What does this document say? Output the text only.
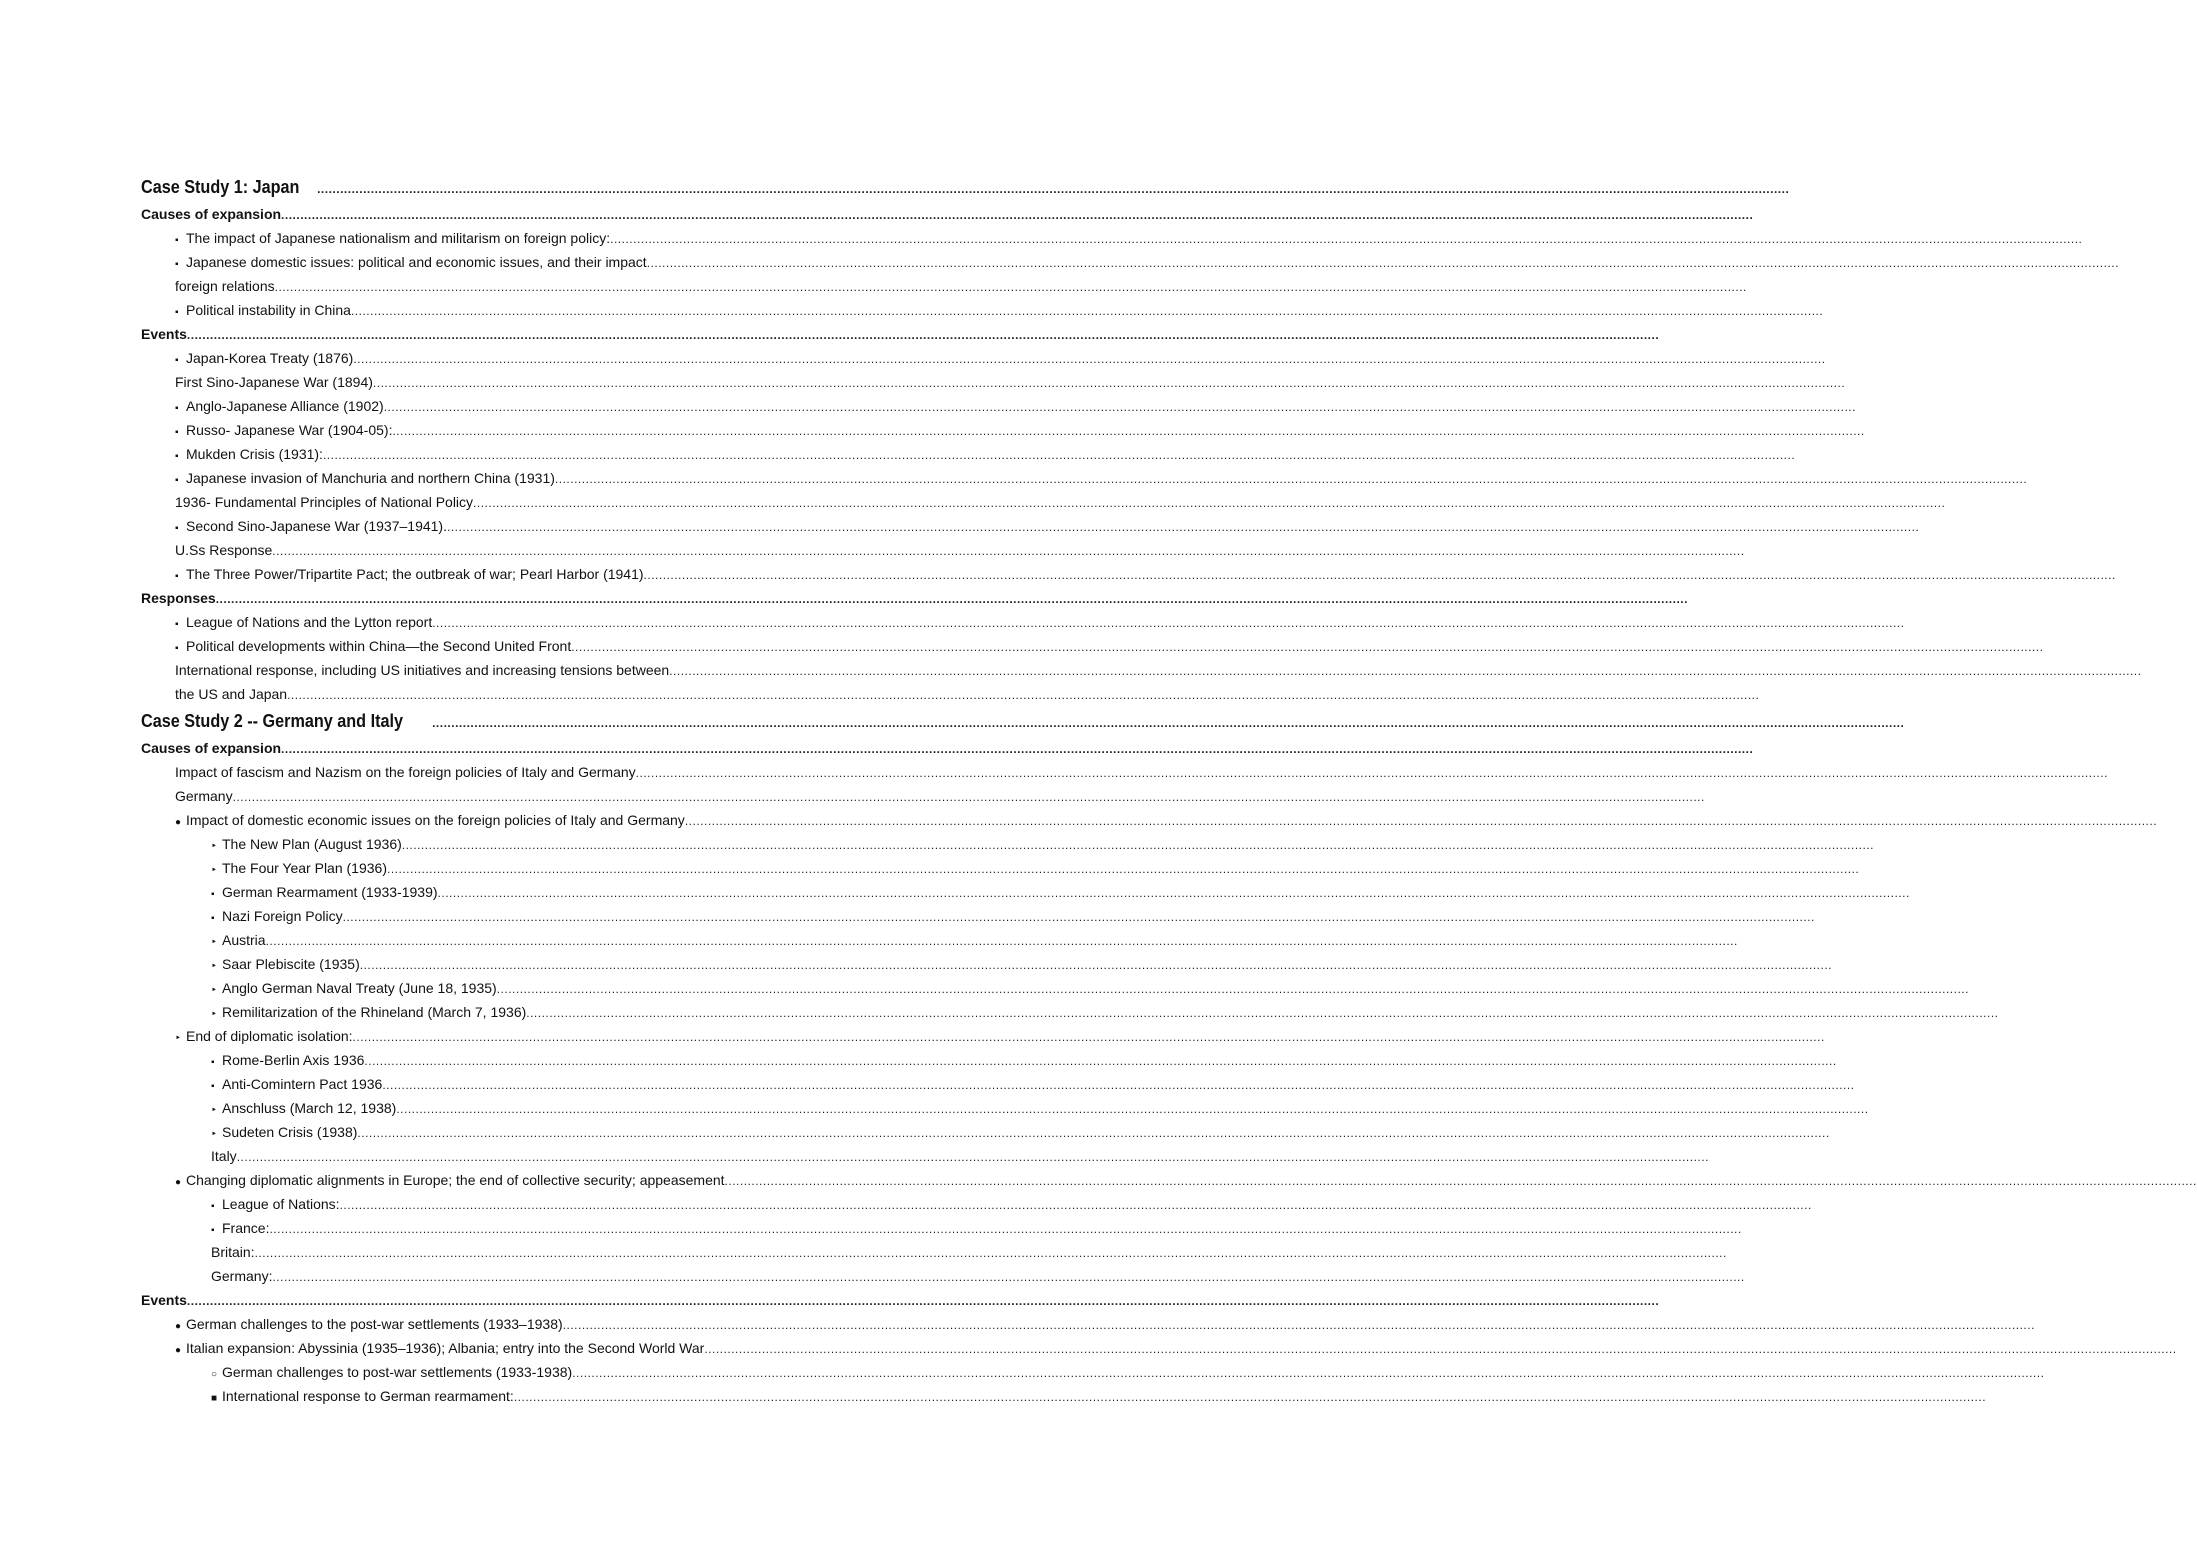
Case Study 1: Japan ................................................................................................................................................................................................................................................................................................................................................................................................
Causes of expansion ................................................................................................................................................................................................................................................................................................................................................................................................
▪ The impact of Japanese nationalism and militarism on foreign policy: ................................................................................................................................................................................................................................................................................................................................................................................................
▪ Japanese domestic issues: political and economic issues, and their impact ................................................................................................................................................................................................................................................................................................................................................................................................
foreign relations ................................................................................................................................................................................................................................................................................................................................................................................................
▪ Political instability in China ................................................................................................................................................................................................................................................................................................................................................................................................
Events ................................................................................................................................................................................................................................................................................................................................................................................................
▪ Japan-Korea Treaty (1876) ................................................................................................................................................................................................................................................................................................................................................................................................
First Sino-Japanese War (1894) ................................................................................................................................................................................................................................................................................................................................................................................................
▪ Anglo-Japanese Alliance (1902) ................................................................................................................................................................................................................................................................................................................................................................................................
▪ Russo- Japanese War (1904-05): ................................................................................................................................................................................................................................................................................................................................................................................................
▪ Mukden Crisis (1931): ................................................................................................................................................................................................................................................................................................................................................................................................
▪ Japanese invasion of Manchuria and northern China (1931) ................................................................................................................................................................................................................................................................................................................................................................................................
1936- Fundamental Principles of National Policy ................................................................................................................................................................................................................................................................................................................................................................................................
▪ Second Sino-Japanese War (1937–1941). ................................................................................................................................................................................................................................................................................................................................................................................................
U.Ss Response ................................................................................................................................................................................................................................................................................................................................................................................................
▪ The Three Power/Tripartite Pact; the outbreak of war; Pearl Harbor (1941) ................................................................................................................................................................................................................................................................................................................................................................................................
Responses ................................................................................................................................................................................................................................................................................................................................................................................................
▪ League of Nations and the Lytton report ................................................................................................................................................................................................................................................................................................................................................................................................
▪ Political developments within China—the Second United Front ................................................................................................................................................................................................................................................................................................................................................................................................
International response, including US initiatives and increasing tensions between ................................................................................................................................................................................................................................................................................................................................................................................................
the US and Japan ................................................................................................................................................................................................................................................................................................................................................................................................
Case Study 2 -- Germany and Italy ................................................................................................................................................................................................................................................................................................................................................................................................
Causes of expansion ................................................................................................................................................................................................................................................................................................................................................................................................
Impact of fascism and Nazism on the foreign policies of Italy and Germany ................................................................................................................................................................................................................................................................................................................................................................................................
Germany ................................................................................................................................................................................................................................................................................................................................................................................................
● Impact of domestic economic issues on the foreign policies of Italy and Germany ................................................................................................................................................................................................................................................................................................................................................................................................
‣ The New Plan (August 1936) ................................................................................................................................................................................................................................................................................................................................................................................................
‣ The Four Year Plan (1936) ................................................................................................................................................................................................................................................................................................................................................................................................
▪ German Rearmament (1933-1939) ................................................................................................................................................................................................................................................................................................................................................................................................
▪ Nazi Foreign Policy ................................................................................................................................................................................................................................................................................................................................................................................................
‣ Austria ................................................................................................................................................................................................................................................................................................................................................................................................
‣ Saar Plebiscite (1935) ................................................................................................................................................................................................................................................................................................................................................................................................
‣ Anglo German Naval Treaty (June 18, 1935) ................................................................................................................................................................................................................................................................................................................................................................................................
‣ Remilitarization of the Rhineland (March 7, 1936) ................................................................................................................................................................................................................................................................................................................................................................................................
‣ End of diplomatic isolation: ................................................................................................................................................................................................................................................................................................................................................................................................
▪ Rome-Berlin Axis 1936 ................................................................................................................................................................................................................................................................................................................................................................................................
▪ Anti-Comintern Pact 1936 ................................................................................................................................................................................................................................................................................................................................................................................................
‣ Anschluss (March 12, 1938) ................................................................................................................................................................................................................................................................................................................................................................................................
‣ Sudeten Crisis (1938) ................................................................................................................................................................................................................................................................................................................................................................................................
Italy ................................................................................................................................................................................................................................................................................................................................................................................................
● Changing diplomatic alignments in Europe; the end of collective security; appeasement ................................................................................................................................................................................................................................................................................................................................................................................................
▪ League of Nations: ................................................................................................................................................................................................................................................................................................................................................................................................
▪ France: ................................................................................................................................................................................................................................................................................................................................................................................................
Britain: ................................................................................................................................................................................................................................................................................................................................................................................................
Germany: ................................................................................................................................................................................................................................................................................................................................................................................................
Events ................................................................................................................................................................................................................................................................................................................................................................................................
● German challenges to the post-war settlements (1933–1938) ................................................................................................................................................................................................................................................................................................................................................................................................
● Italian expansion: Abyssinia (1935–1936); Albania; entry into the Second World War ................................................................................................................................................................................................................................................................................................................................................................................................
○ German challenges to post-war settlements (1933-1938) ................................................................................................................................................................................................................................................................................................................................................................................................
■ International response to German rearmament: ................................................................................................................................................................................................................................................................................................................................................................................................
